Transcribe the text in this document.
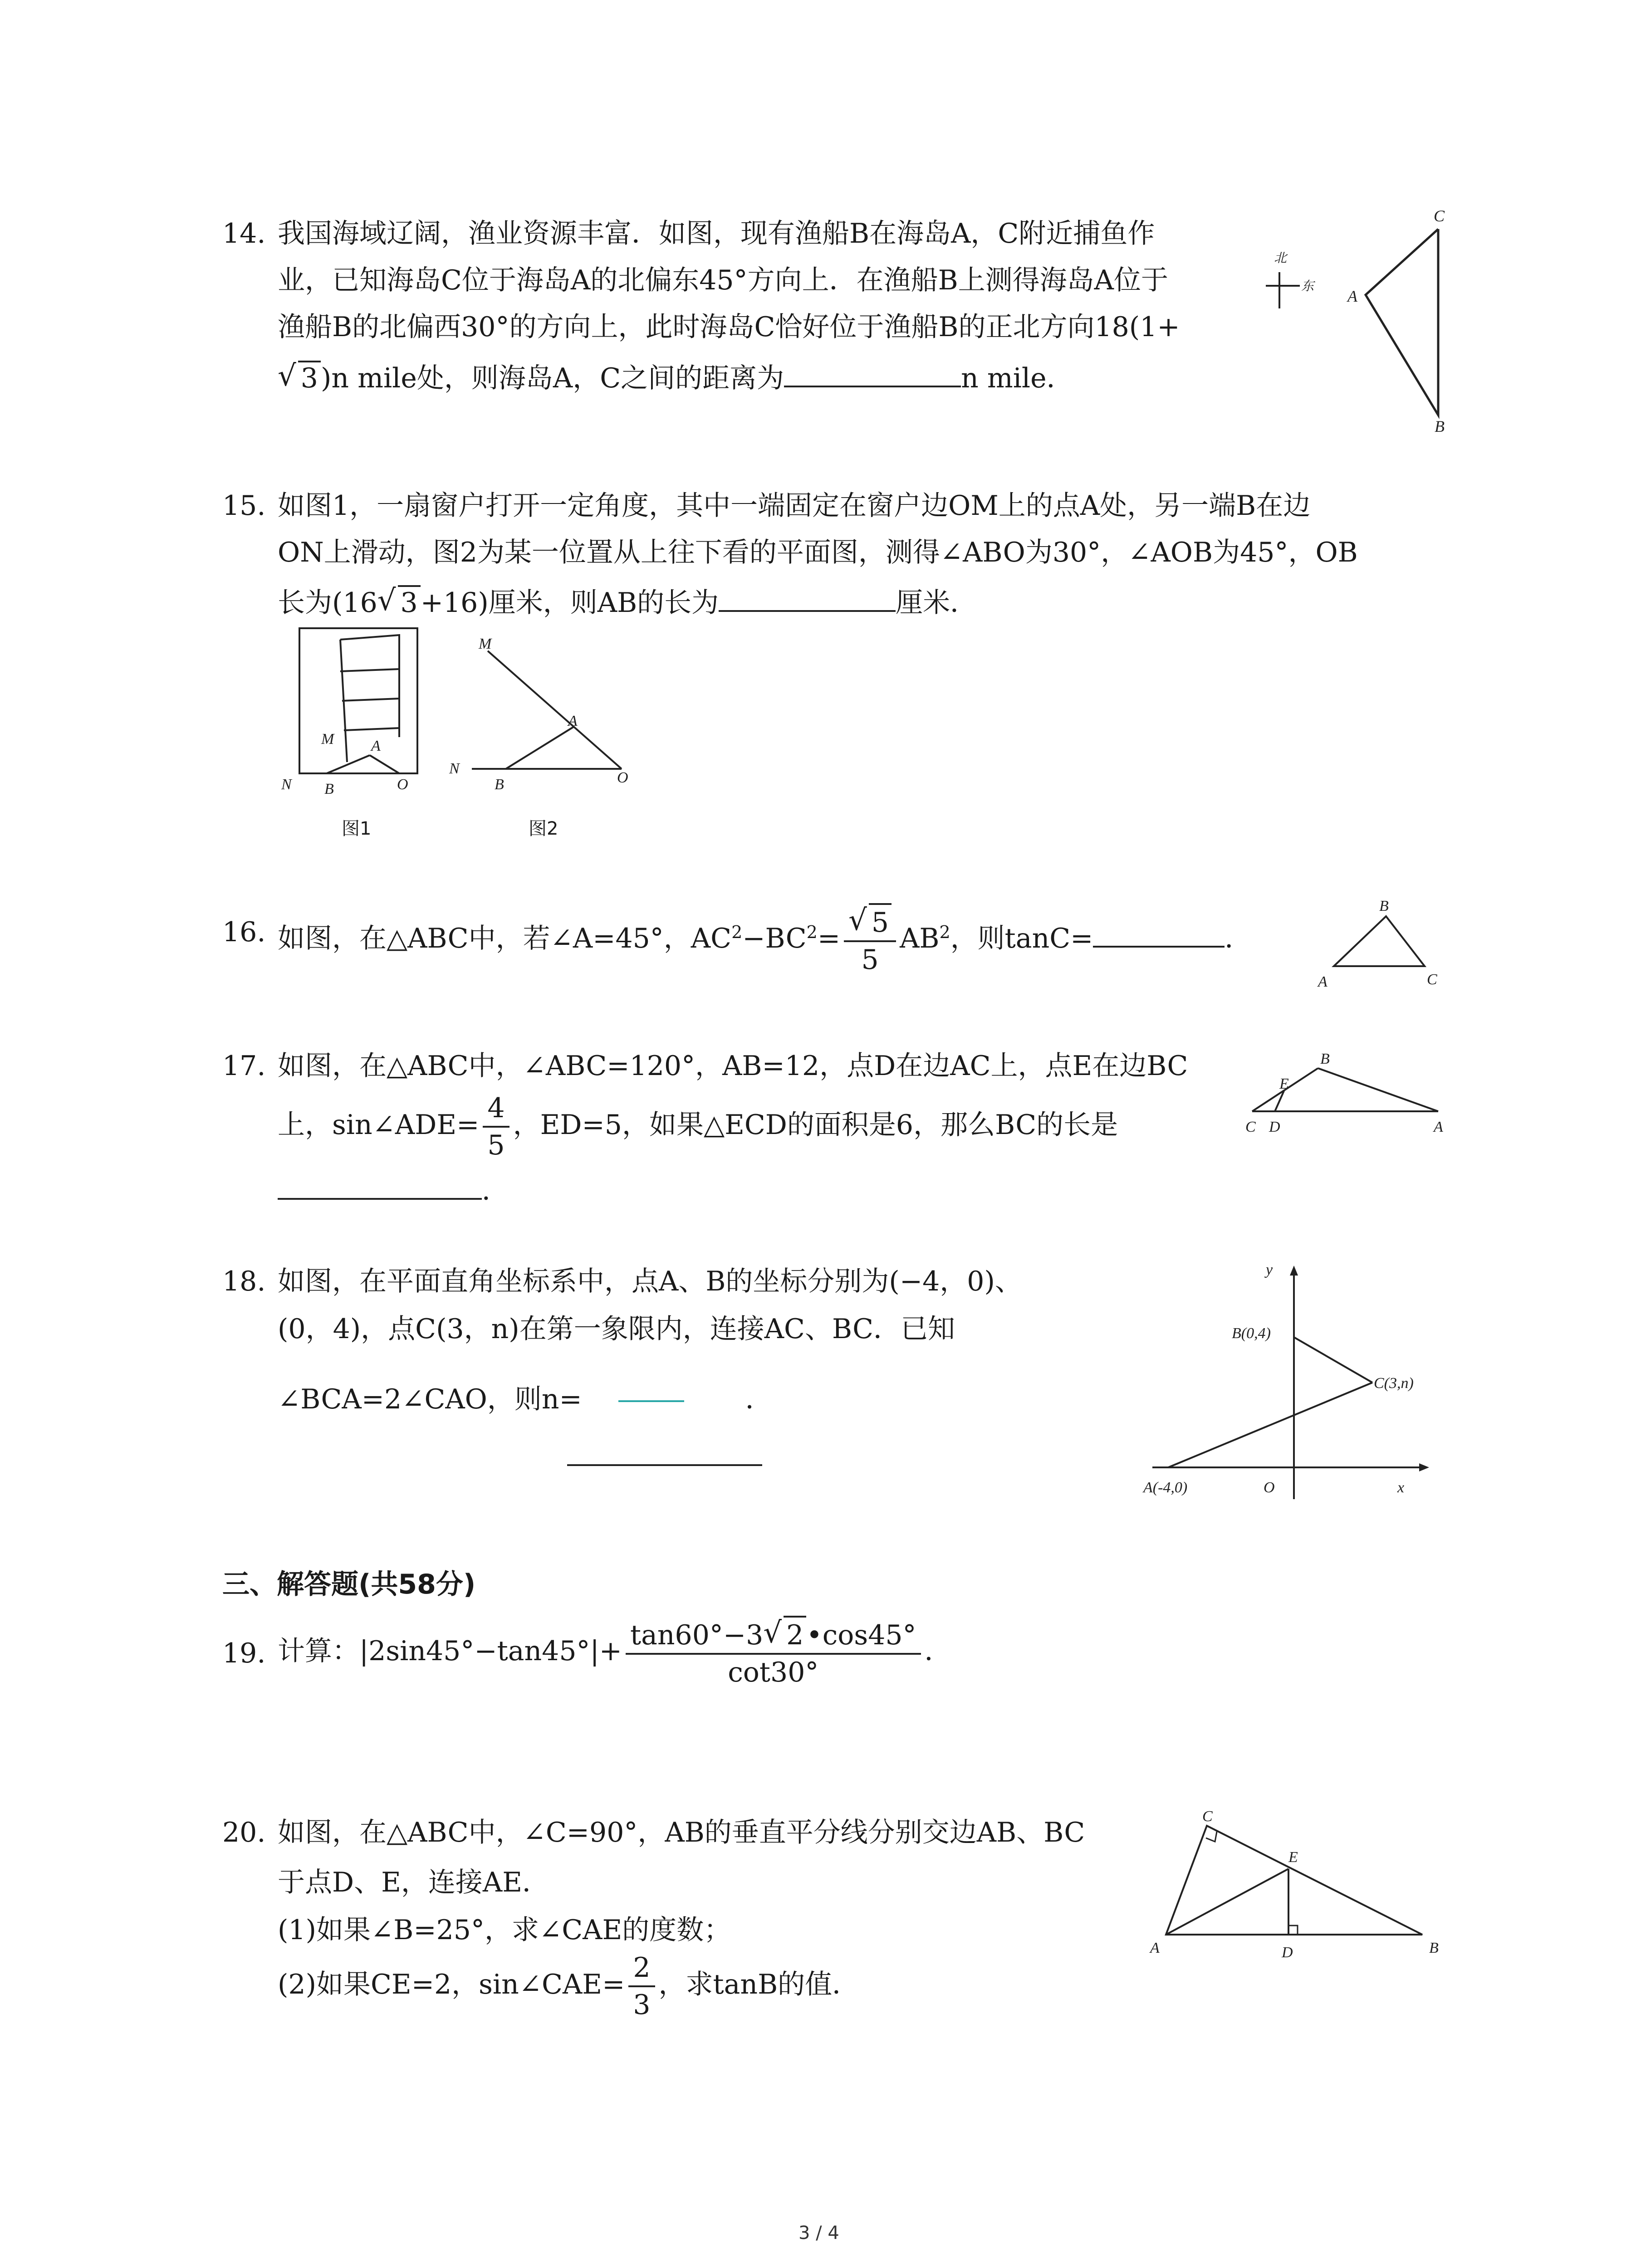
14. 我国海域辽阔，渔业资源丰富．如图，现有渔船B在海岛A，C附近捕鱼作
业，已知海岛C位于海岛A的北偏东45°方向上．在渔船B上测得海岛A位于
渔船B的北偏西30°的方向上，此时海岛C恰好位于渔船B的正北方向18(1+
√ 3 )n mile处，则海岛A，C之间的距离为	n mile．
北
东
C
A
B
15. 如图1，一扇窗户打开一定角度，其中一端固定在窗户边OM上的点A处，另一端B在边
ON上滑动，图2为某一位置从上往下看的平面图，测得∠ABO为30°，∠AOB为45°，OB
长为(16√ 3 +16)厘米，则AB的长为	厘米．
M A
N B	O
图1
M
A
N
B	O
图2
16. 如图，在△ABC中，若∠A=45°，$AC^2-BC^2= \frac{√ 5}{5} AB^2$，则tanC=	．
A
B
C
17. 如图，在△ABC中，∠ABC=120°，AB=12，点D在边AC上，点E在边BC
上，sin∠ADE= $\frac{4}{5}$ ，ED=5，如果△ECD的面积是6，那么BC的长是
．
E
B
C D	A
18. 如图，在平面直角坐标系中，点A、B的坐标分别为(−4，0)、
(0，4)，点C(3，n)在第一象限内，连接AC、BC．已知
∠BCA=2∠CAO，则n=	．
y
x
B(0,4)
C(3,n)
A(-4,0)	O
三、解答题(共58分)
19. 计算：$|2\sin 45^\circ-\tan 45^\circ|+ \frac{\tan 60^\circ-3√ 2 •\cos 45^\circ}{\cot 30^\circ}$ ．
20. 如图，在△ABC中，∠C=90°，AB的垂直平分线分别交边AB、BC
于点D、E，连接AE．
(1)如果∠B=25°，求∠CAE的度数；
(2)如果CE=2，sin∠CAE= $\frac{2}{3}$ ，求tanB的值．
C
E
A	D	B
3 / 4
